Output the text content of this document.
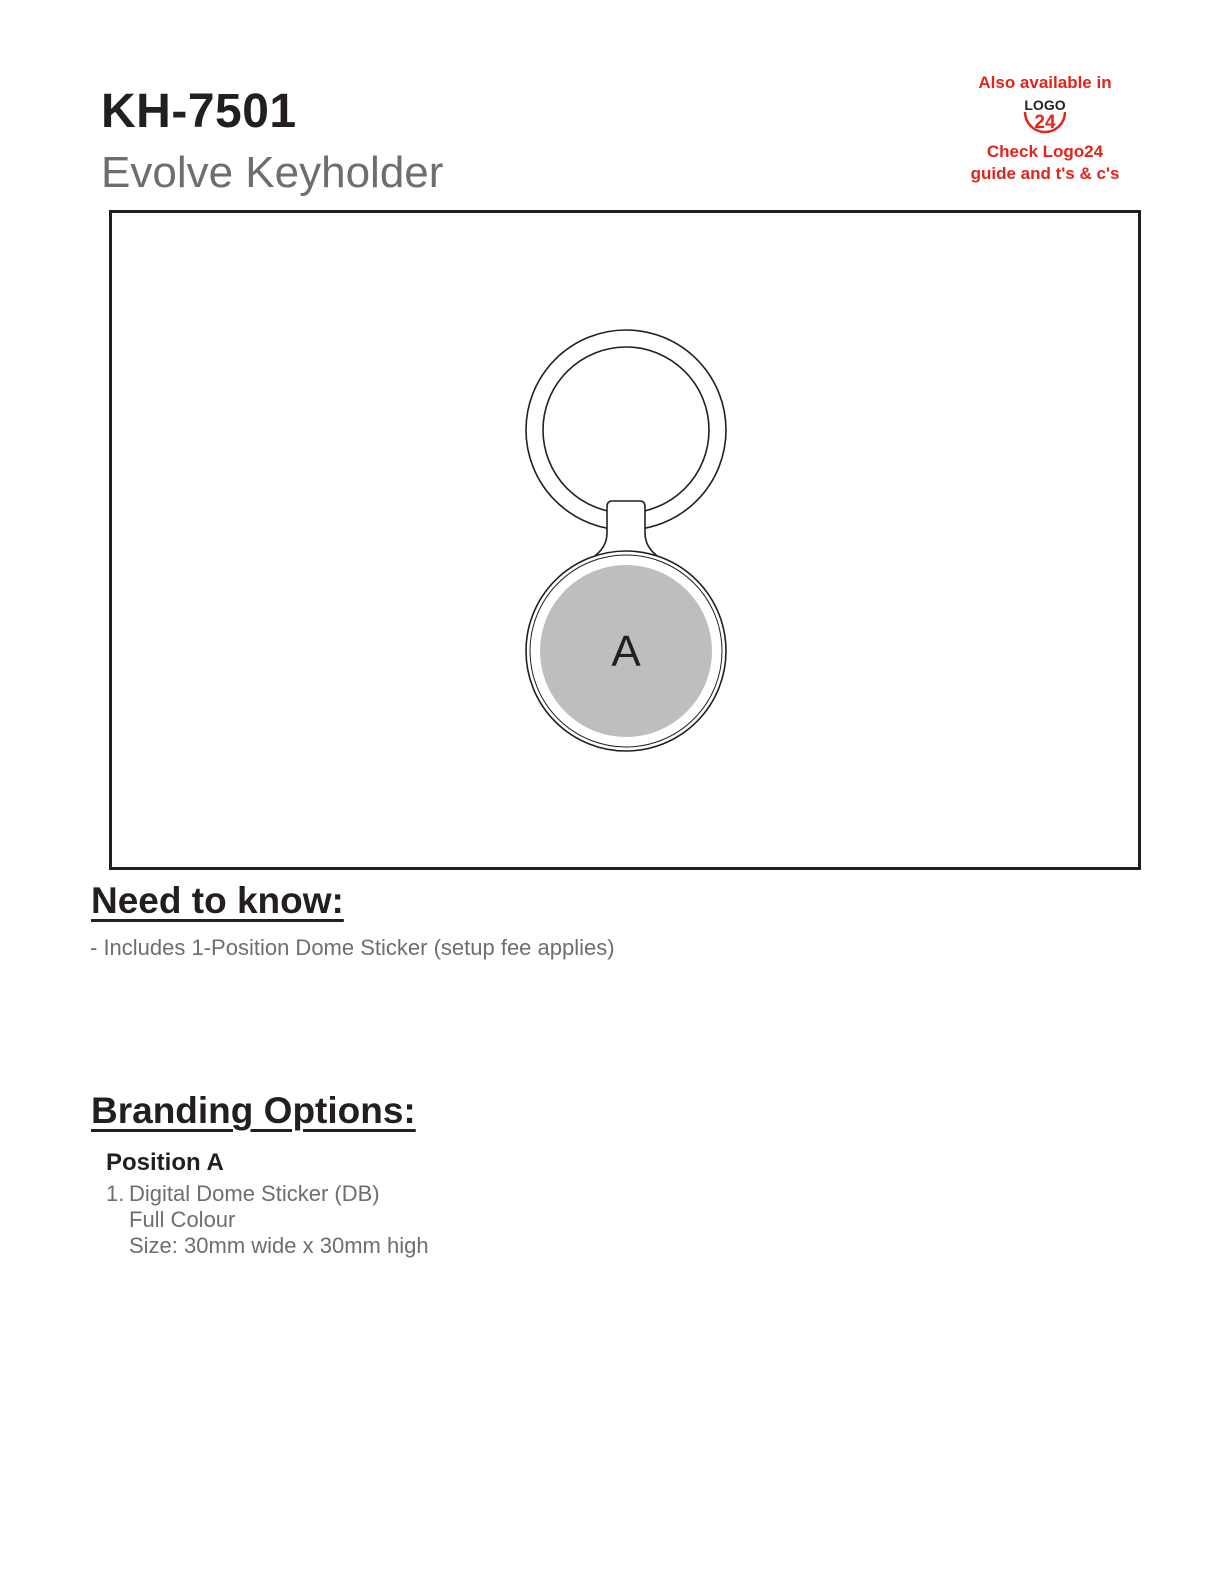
KH-7501
Evolve Keyholder
Also available in
LOGO
24
Check Logo24
guide and t's & c's
A
Need to know:
- Includes 1-Position Dome Sticker (setup fee applies)
Branding Options:
Position A
1. Digital Dome Sticker (DB)
Full Colour
Size: 30mm wide x 30mm high
